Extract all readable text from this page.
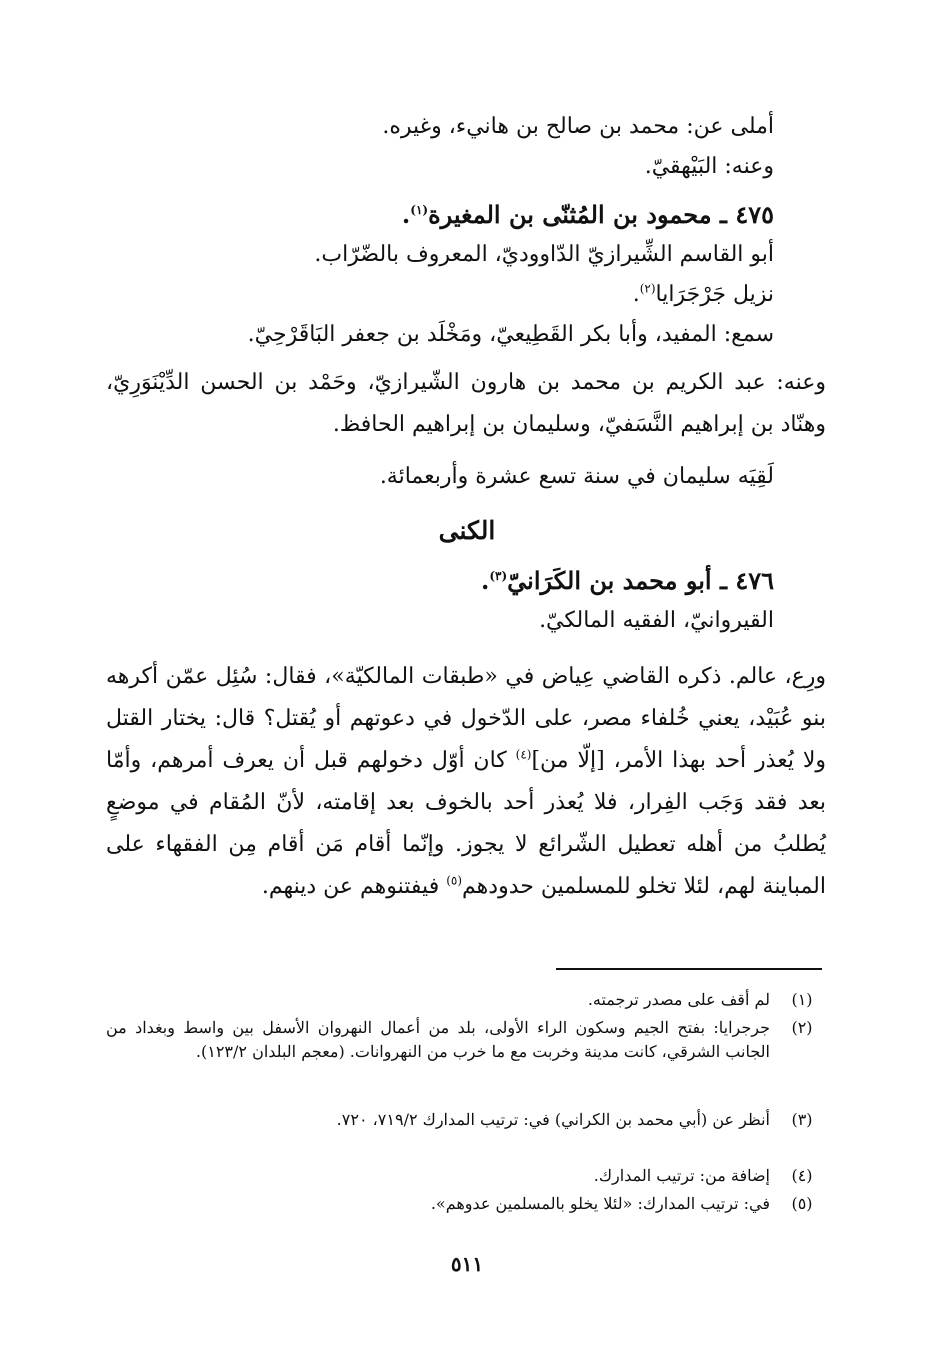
أملى عن: محمد بن صالح بن هانيء، وغيره.
وعنه: البَيْهقيّ.
٤٧٥ ـ محمود بن المُثنّى بن المغيرة$^{(١)}$.
أبو القاسم الشِّيرازيّ الدّاووديّ، المعروف بالضّرّاب.
نزيل جَرْجَرَايا$^{(٢)}$.
سمع: المفيد، وأبا بكر القَطِيعيّ، ومَخْلَد بن جعفر البَاقَرْحِيّ.
وعنه: عبد الكريم بن محمد بن هارون الشّيرازيّ، وحَمْد بن الحسن الدِّيْنَوَرِيّ، وهنّاد بن إبراهيم النَّسَفيّ، وسليمان بن إبراهيم الحافظ.
لَقِيَه سليمان في سنة تسع عشرة وأربعمائة.
الكنى
٤٧٦ ـ أبو محمد بن الكَرَانيّ$^{(٣)}$.
القيروانيّ، الفقيه المالكيّ.
ورِع، عالم. ذكره القاضي عِياض في «طبقات المالكيّة»، فقال: سُئِل عمّن أكرهه بنو عُبَيْد، يعني خُلفاء مصر، على الدّخول في دعوتهم أو يُقتل؟ قال: يختار القتل ولا يُعذر أحد بهذا الأمر، [إلّا من]$^{(٤)}$ كان أوّل دخولهم قبل أن يعرف أمرهم، وأمّا بعد فقد وَجَب الفِرار، فلا يُعذر أحد بالخوف بعد إقامته، لأنّ المُقام في موضعٍ يُطلبُ من أهله تعطيل الشّرائع لا يجوز. وإنّما أقام مَن أقام مِن الفقهاء على المباينة لهم، لئلا تخلو للمسلمين حدودهم$^{(٥)}$ فيفتنوهم عن دينهم.
(١)
لم أقف على مصدر ترجمته.
(٢)
جرجرايا: بفتح الجيم وسكون الراء الأولى، بلد من أعمال النهروان الأسفل بين واسط وبغداد من الجانب الشرقي، كانت مدينة وخربت مع ما خرب من النهروانات. (معجم البلدان ١٢٣/٢).
(٣)
أنظر عن (أبي محمد بن الكراني) في: ترتيب المدارك ٧١٩/٢، ٧٢٠.
(٤)
إضافة من: ترتيب المدارك.
(٥)
في: ترتيب المدارك: «لئلا يخلو بالمسلمين عدوهم».
٥١١
